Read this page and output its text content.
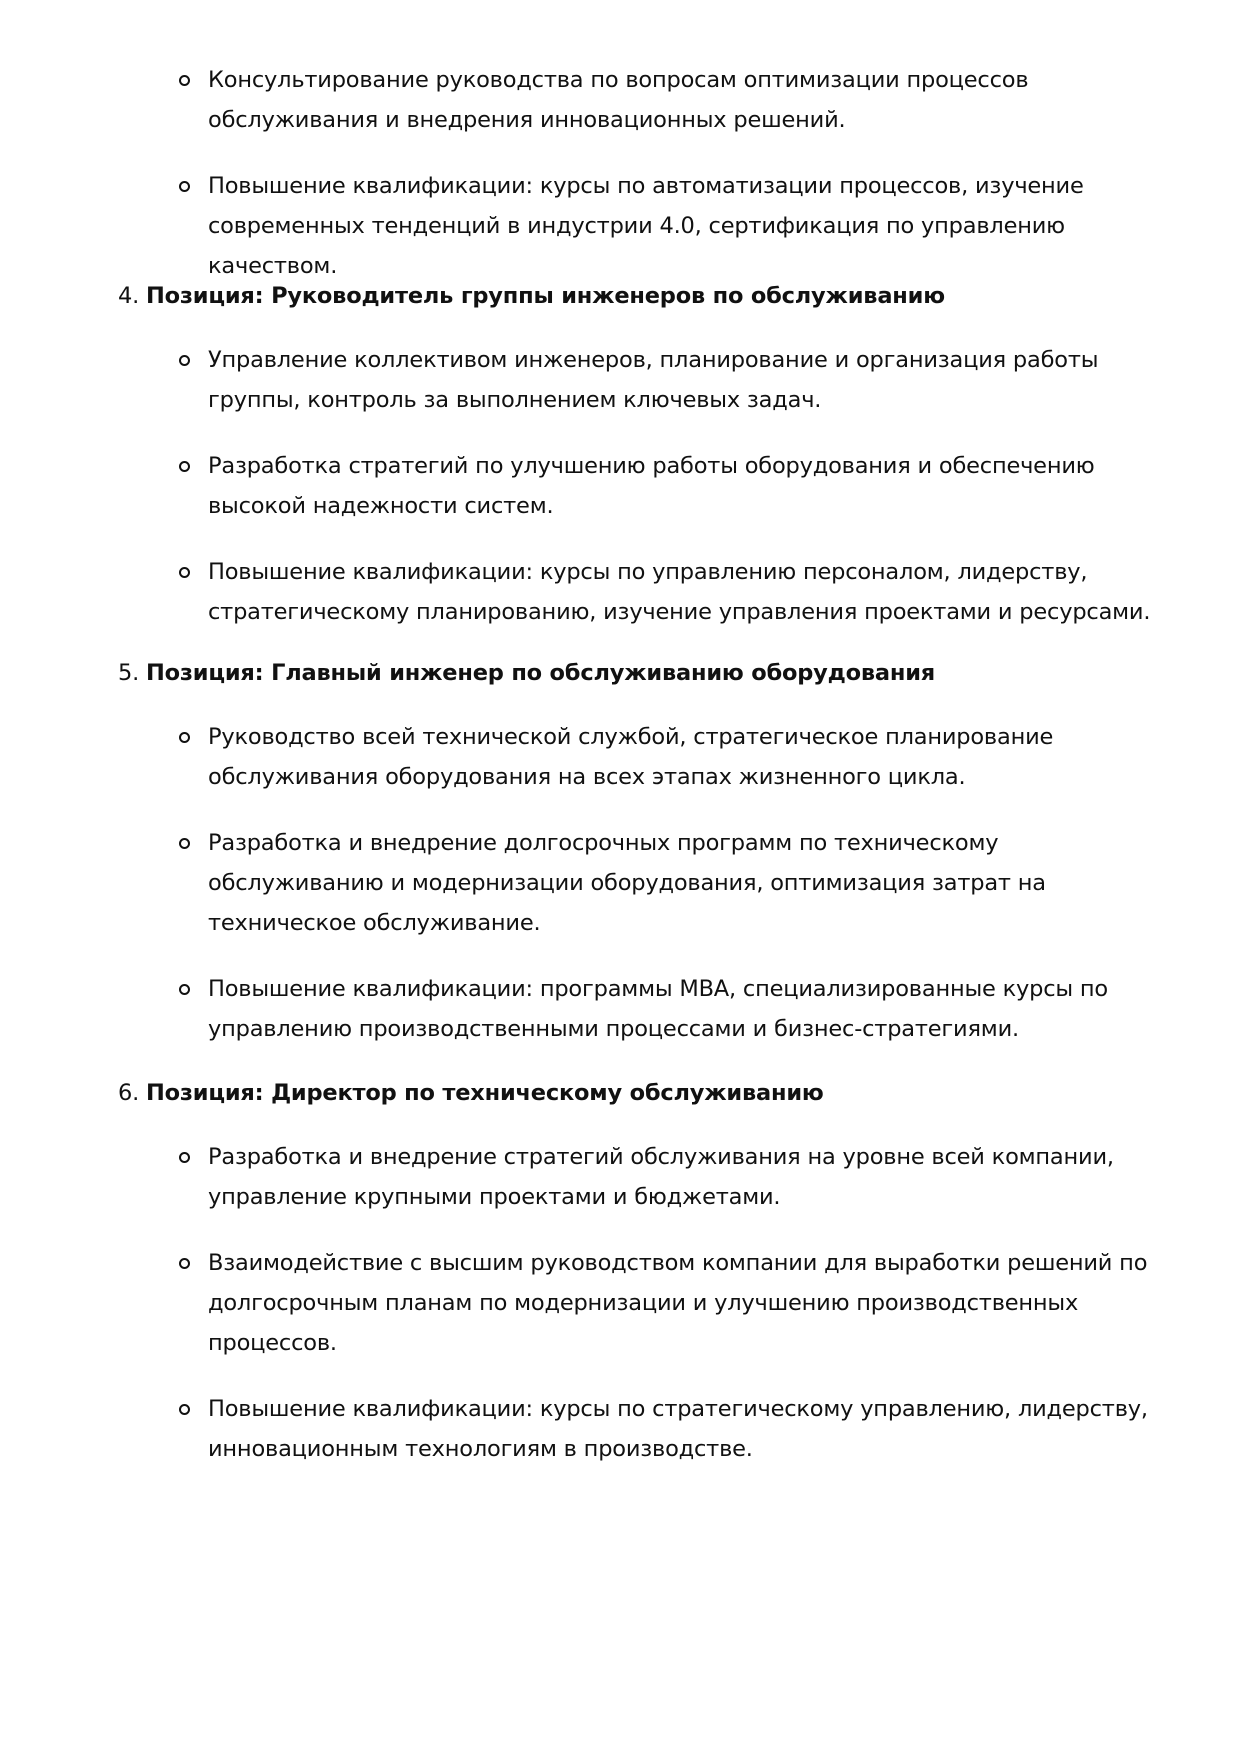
Консультирование руководства по вопросам оптимизации процессов обслуживания и внедрения инновационных решений.
Повышение квалификации: курсы по автоматизации процессов, изучение современных тенденций в индустрии 4.0, сертификация по управлению качеством.
4. Позиция: Руководитель группы инженеров по обслуживанию
Управление коллективом инженеров, планирование и организация работы группы, контроль за выполнением ключевых задач.
Разработка стратегий по улучшению работы оборудования и обеспечению высокой надежности систем.
Повышение квалификации: курсы по управлению персоналом, лидерству, стратегическому планированию, изучение управления проектами и ресурсами.
5. Позиция: Главный инженер по обслуживанию оборудования
Руководство всей технической службой, стратегическое планирование обслуживания оборудования на всех этапах жизненного цикла.
Разработка и внедрение долгосрочных программ по техническому обслуживанию и модернизации оборудования, оптимизация затрат на техническое обслуживание.
Повышение квалификации: программы MBA, специализированные курсы по управлению производственными процессами и бизнес-стратегиями.
6. Позиция: Директор по техническому обслуживанию
Разработка и внедрение стратегий обслуживания на уровне всей компании, управление крупными проектами и бюджетами.
Взаимодействие с высшим руководством компании для выработки решений по долгосрочным планам по модернизации и улучшению производственных процессов.
Повышение квалификации: курсы по стратегическому управлению, лидерству, инновационным технологиям в производстве.
